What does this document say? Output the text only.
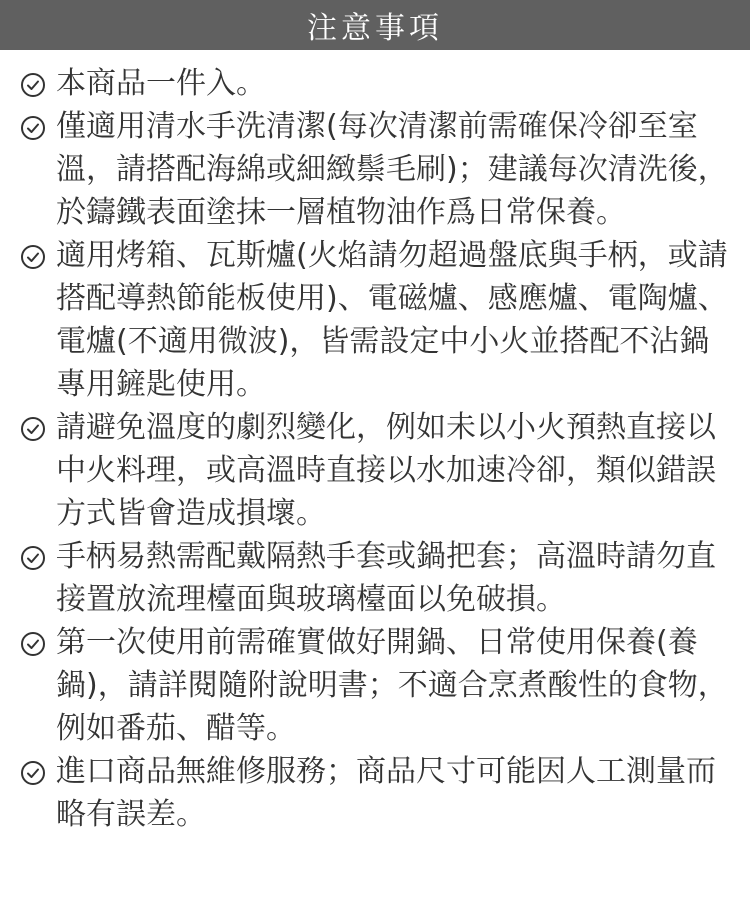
注意事項
本商品一件入。
僅適用清水手洗清潔(每次清潔前需確保冷卻至室溫，請搭配海綿或細緻鬃毛刷)；建議每次清洗後，於鑄鐵表面塗抹一層植物油作爲日常保養。
適用烤箱、瓦斯爐(火焰請勿超過盤底與手柄，或請搭配導熱節能板使用)、電磁爐、感應爐、電陶爐、電爐(不適用微波)，皆需設定中小火並搭配不沾鍋專用鏟匙使用。
請避免溫度的劇烈變化，例如未以小火預熱直接以中火料理，或高溫時直接以水加速冷卻，類似錯誤方式皆會造成損壞。
手柄易熱需配戴隔熱手套或鍋把套；高溫時請勿直接置放流理檯面與玻璃檯面以免破損。
第一次使用前需確實做好開鍋、日常使用保養(養鍋)，請詳閱隨附說明書；不適合烹煮酸性的食物，例如番茄、醋等。
進口商品無維修服務；商品尺寸可能因人工測量而略有誤差。
